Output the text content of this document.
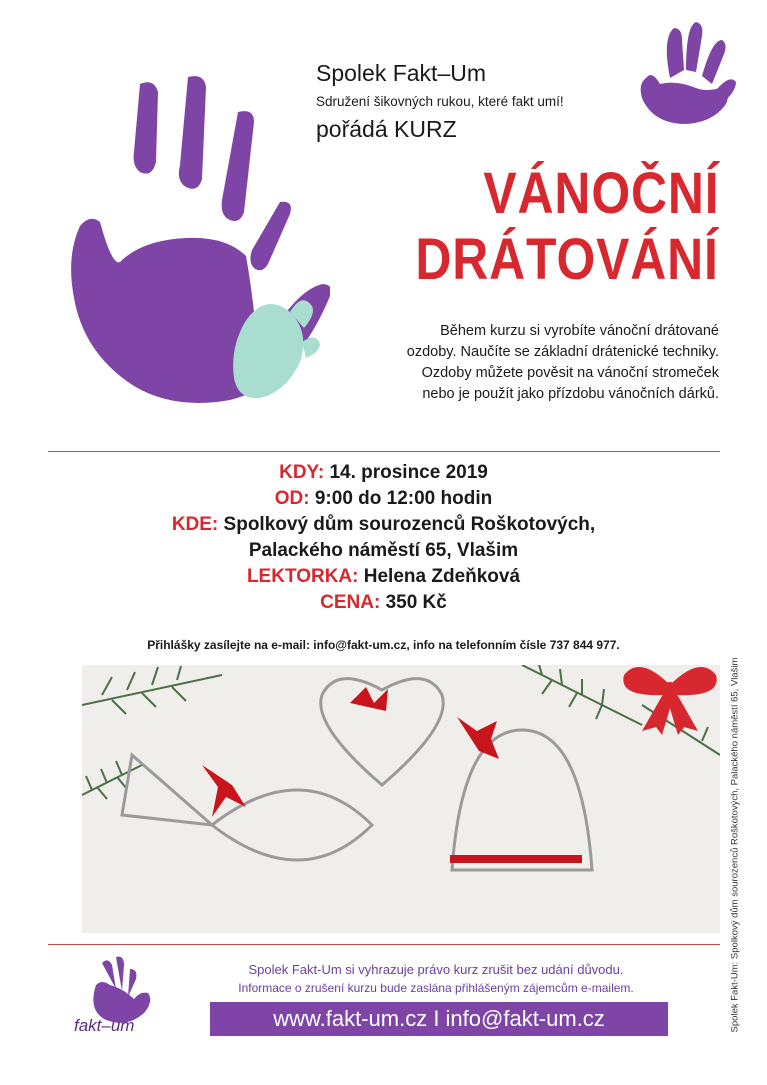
Spolek Fakt–Um
Sdružení šikovných rukou, které fakt umí!
pořádá KURZ
VÁNOČNÍ
DRÁTOVÁNÍ
Během kurzu si vyrobíte vánoční drátované
ozdoby. Naučíte se základní drátenické techniky.
Ozdoby můžete pověsit na vánoční stromeček
nebo je použít jako přízdobu vánočních dárků.
KDY: 14. prosince 2019
OD: 9:00 do 12:00 hodin
KDE: Spolkový dům sourozenců Roškotových,
Palackého náměstí 65, Vlašim
LEKTORKA: Helena Zdeňková
CENA: 350 Kč
Přihlášky zasílejte na e-mail: info@fakt-um.cz, info na telefonním čísle 737 844 977.
Spolek Fakt-Um: Spolkový dům sourozenců Roškotových, Palackého náměstí 65, Vlašim
fakt–um
Spolek Fakt-Um si vyhrazuje právo kurz zrušit bez udání důvodu.
Informace o zrušení kurzu bude zaslána přihlášeným zájemcům e-mailem.
www.fakt-um.cz I info@fakt-um.cz
